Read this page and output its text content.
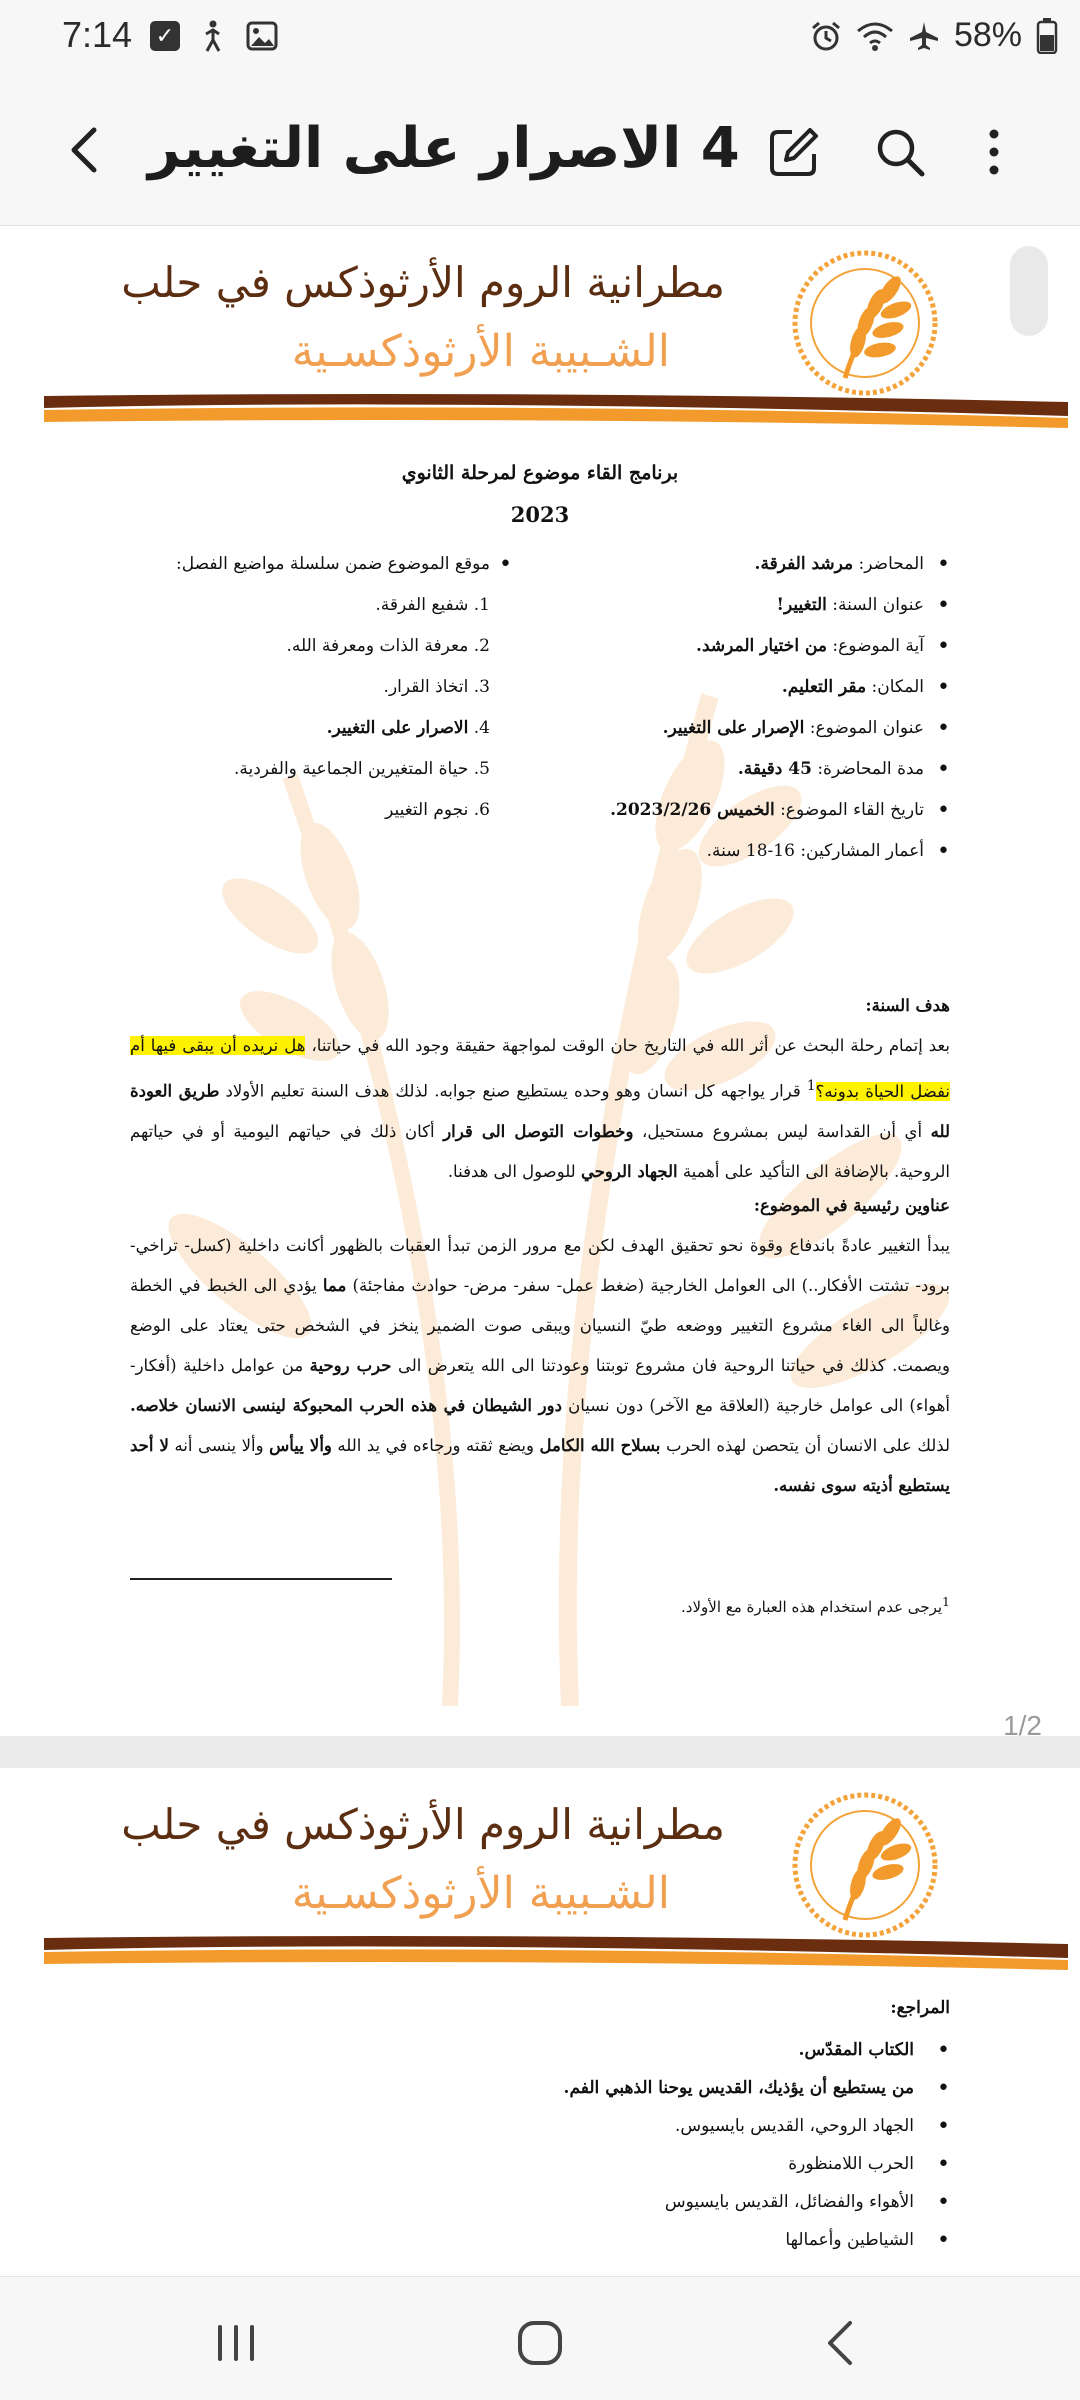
7:14 ✓	58%
4 الاصرار على التغيير
مطرانية الروم الأرثوذكس في حلب
الشـبيبة الأرثوذكسـية
برنامج القاء موضوع لمرحلة الثانوي
2023
• المحاضر: مرشد الفرقة.
• عنوان السنة: التغيير!
• آية الموضوع: من اختيار المرشد.
• المكان: مقر التعليم.
• عنوان الموضوع: الإصرار على التغيير.
• مدة المحاضرة: 45 دقيقة.
• تاريخ القاء الموضوع: الخميس 2023/2/26.
• أعمار المشاركين: 16-18 سنة.
• موقع الموضوع ضمن سلسلة مواضيع الفصل:
1. شفيع الفرقة.
2. معرفة الذات ومعرفة الله.
3. اتخاذ القرار.
4. الاصرار على التغيير.
5. حياة المتغيرين الجماعية والفردية.
6. نجوم التغيير
هدف السنة:
بعد إتمام رحلة البحث عن أثر الله في التاريخ حان الوقت لمواجهة حقيقة وجود الله في حياتنا، هل نريده أن يبقى فيها أم نفضل الحياة بدونه؟$^1$ قرار يواجهه كل انسان وهو وحده يستطيع صنع جوابه. لذلك هدف السنة تعليم الأولاد طريق العودة لله أي أن القداسة ليس بمشروع مستحيل، وخطوات التوصل الى قرار أكان ذلك في حياتهم اليومية أو في حياتهم الروحية. بالإضافة الى التأكيد على أهمية الجهاد الروحي للوصول الى هدفنا.
عناوين رئيسية في الموضوع:
يبدأ التغيير عادةً باندفاع وقوة نحو تحقيق الهدف لكن مع مرور الزمن تبدأ العقبات بالظهور أكانت داخلية (كسل- تراخي- برود- تشتت الأفكار..) الى العوامل الخارجية (ضغط عمل- سفر- مرض- حوادث مفاجئة) مما يؤدي الى الخبط في الخطة وغالباً الى الغاء مشروع التغيير ووضعه طيّ النسيان ويبقى صوت الضمير ينخز في الشخص حتى يعتاد على الوضع ويصمت. كذلك في حياتنا الروحية فان مشروع توبتنا وعودتنا الى الله يتعرض الى حرب روحية من عوامل داخلية (أفكار- أهواء) الى عوامل خارجية (العلاقة مع الآخر) دون نسيان دور الشيطان في هذه الحرب المحبوكة لينسى الانسان خلاصه. لذلك على الانسان أن يتحصن لهذه الحرب بسلاح الله الكامل ويضع ثقته ورجاءه في يد الله وألا ييأس وألا ينسى أنه لا أحد يستطيع أذيته سوى نفسه.
$^1$يرجى عدم استخدام هذه العبارة مع الأولاد.
1/2
مطرانية الروم الأرثوذكس في حلب
الشـبيبة الأرثوذكسـية
المراجع:
• الكتاب المقدّس.
• من يستطيع أن يؤذيك، القديس يوحنا الذهبي الفم.
• الجهاد الروحي، القديس بايسيوس.
• الحرب اللامنظورة
• الأهواء والفضائل، القديس بايسيوس
• الشياطين وأعمالها
